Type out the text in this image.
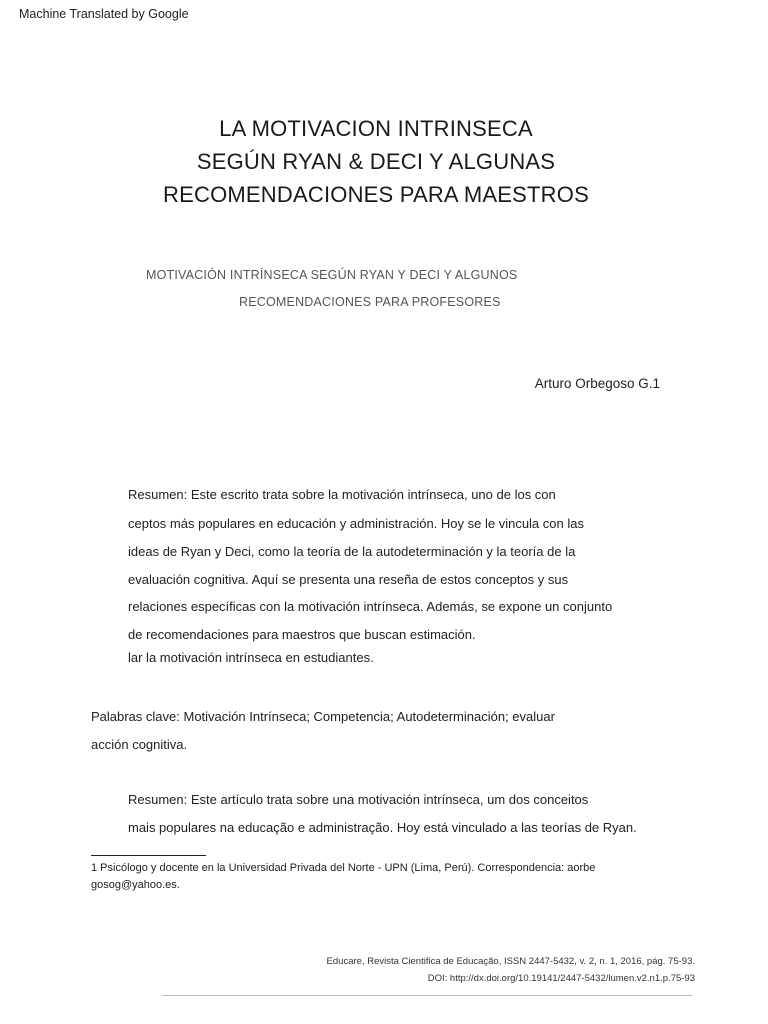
Machine Translated by Google
LA MOTIVACION INTRINSECA
SEGÚN RYAN & DECI Y ALGUNAS
RECOMENDACIONES PARA MAESTROS
MOTIVACIÓN INTRÍNSECA SEGÚN RYAN Y DECI Y ALGUNOS
RECOMENDACIONES PARA PROFESORES
Arturo Orbegoso G.1
Resumen: Este escrito trata sobre la motivación intrínseca, uno de los con
ceptos más populares en educación y administración. Hoy se le vincula con las
ideas de Ryan y Deci, como la teoría de la autodeterminación y la teoría de la
evaluación cognitiva. Aquí se presenta una reseña de estos conceptos y sus
relaciones específicas con la motivación intrínseca. Además, se expone un conjunto
de recomendaciones para maestros que buscan estimación.
lar la motivación intrínseca en estudiantes.
Palabras clave: Motivación Intrínseca; Competencia; Autodeterminación; evaluar
acción cognitiva.
Resumen: Este artículo trata sobre una motivación intrínseca, um dos conceitos
mais populares na educação e administração. Hoy está vinculado a las teorías de Ryan.
1 Psicólogo y docente en la Universidad Privada del Norte - UPN (Lima, Perú). Correspondencia: aorbe
gosog@yahoo.es.
Educare, Revista Cientifica de Educação, ISSN 2447-5432, v. 2, n. 1, 2016, pág. 75-93.
DOI: http://dx.doi.org/10.19141/2447-5432/lumen.v2.n1.p.75-93
